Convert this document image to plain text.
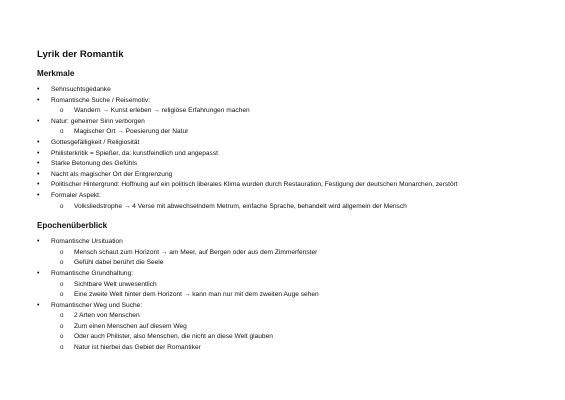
Lyrik der Romantik
Merkmale
•	Sehnsuchtsgedanke
•	Romantische Suche / Reisemotiv:
o Wandern → Kunst erleben → religiöse Erfahrungen machen
•	Natur: geheimer Sinn verborgen
o Magischer Ort → Poesierung der Natur
•	Gottesgefälligkeit / Religiosität
•	Philisterkritik = Spießer, da: kunstfeindlich und angepasst
•	Starke Betonung des Gefühls
•	Nacht als magischer Ort der Entgrenzung
•	Politischer Hintergrund: Hoffnung auf ein politisch liberales Klima wurden durch Restauration, Festigung der deutschen Monarchen, zerstört
•	Formaler Aspekt:
o Volksliedstrophe → 4 Verse mit abwechselndem Metrum, einfache Sprache, behandelt wird allgemein der Mensch
Epochenüberblick
•	Romantische Ursituation
o Mensch schaut zum Horizont → am Meer, auf Bergen oder aus dem Zimmerfenster
o Gefühl dabei berührt die Seele
•	Romantische Grundhaltung:
o Sichtbare Welt unwesentlich
o Eine zweite Welt hinter dem Horizont → kann man nur mit dem zweiten Auge sehen
•	Romantischer Weg und Suche:
o 2 Arten von Menschen
o Zum einen Menschen auf diesem Weg
o Oder auch Philister, also Menschen, die nicht an diese Welt glauben
o Natur ist hierbei das Gebiet der Romantiker
